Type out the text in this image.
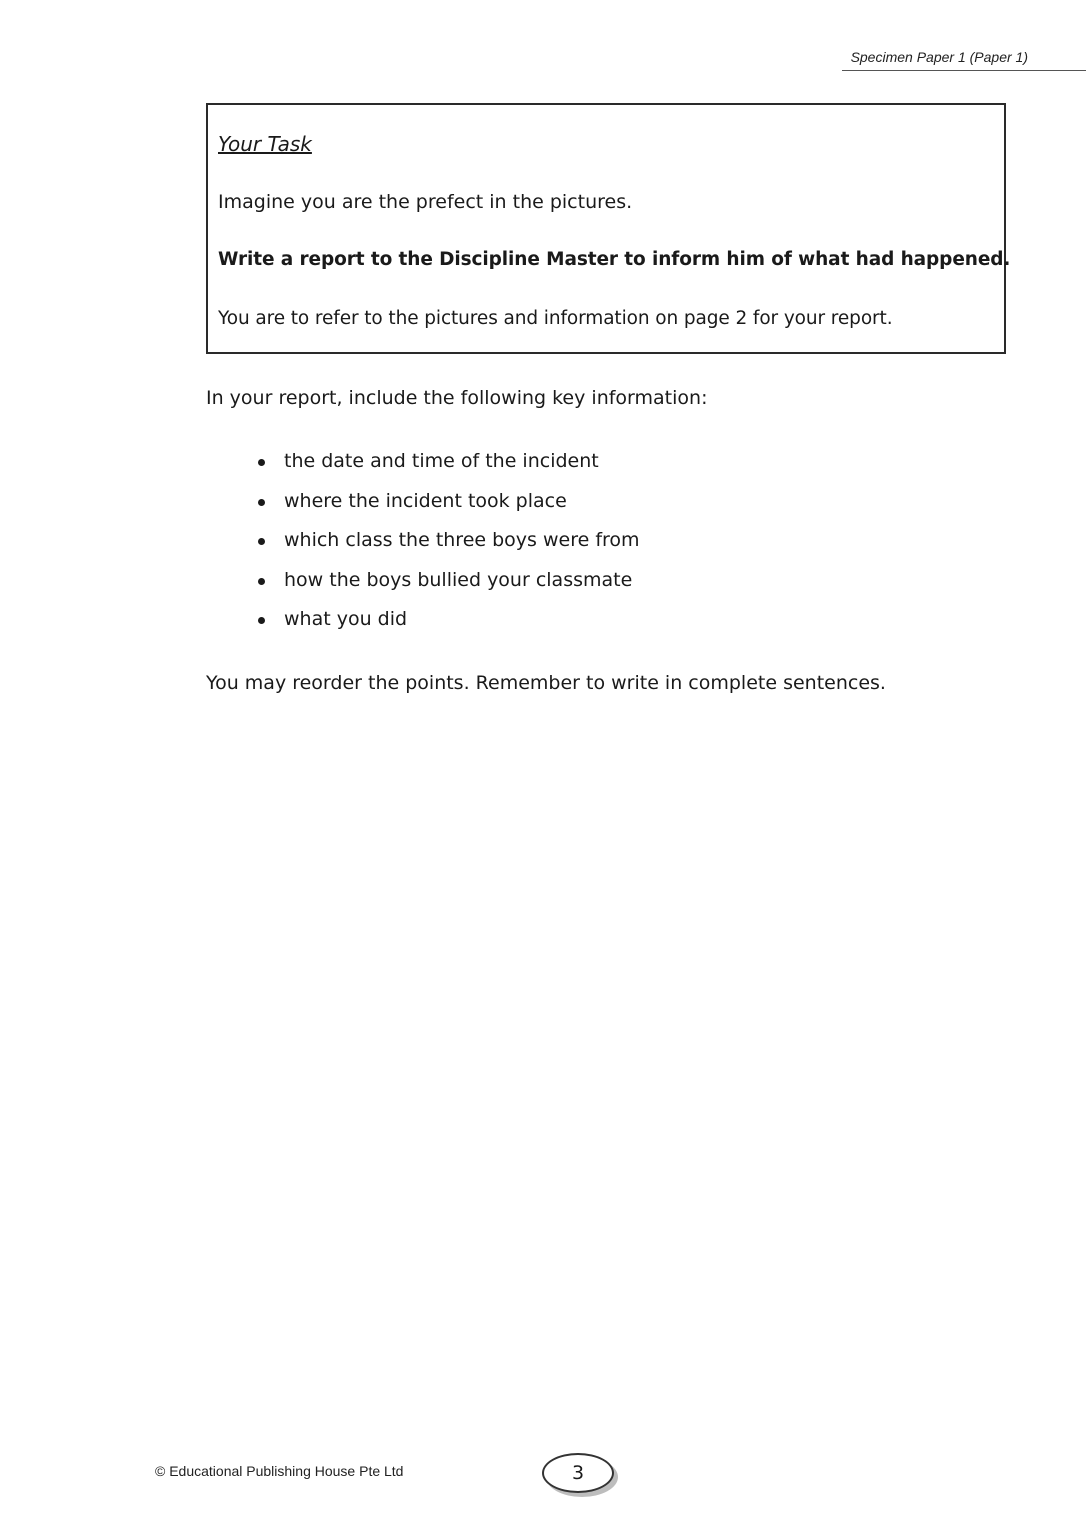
Specimen Paper 1 (Paper 1)
Your Task
Imagine you are the prefect in the pictures.
Write a report to the Discipline Master to inform him of what had happened.
You are to refer to the pictures and information on page 2 for your report.
In your report, include the following key information:
the date and time of the incident
where the incident took place
which class the three boys were from
how the boys bullied your classmate
what you did
You may reorder the points. Remember to write in complete sentences.
© Educational Publishing House Pte Ltd	3
